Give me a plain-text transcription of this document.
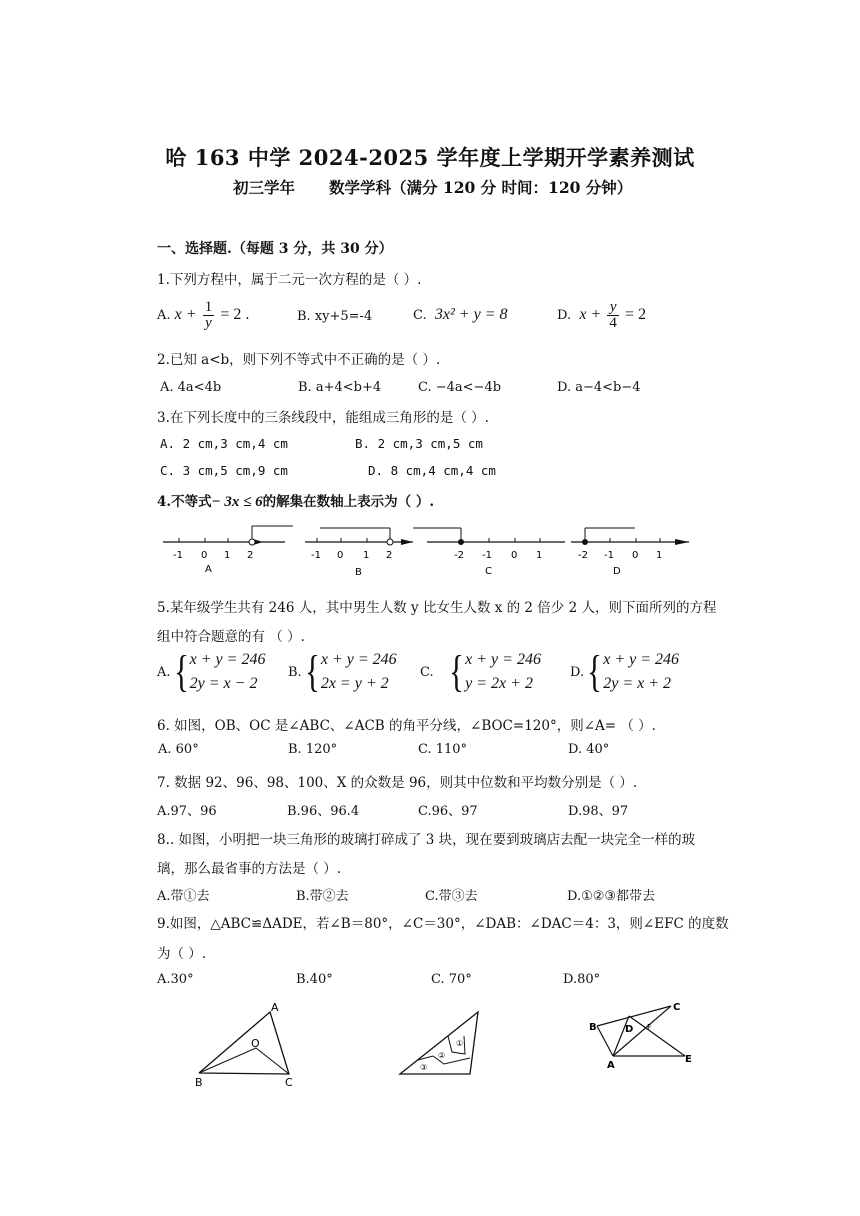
哈 163 中学 2024-2025 学年度上学期开学素养测试
初三学年 数学学科（满分 120 分 时间：120 分钟）
一、选择题.（每题 3 分，共 30 分）
1.下列方程中，属于二元一次方程的是（ ）.
A. $x + \frac{1}{y} = 2$ .	B. xy+5=-4	C. 3x² + y = 8	D. $x + \frac{y}{4} = 2$
2.已知 a<b，则下列不等式中不正确的是（ ）.
A. 4a<4b	B. a+4<b+4	C. −4a<−4b	D. a−4<b−4
3.在下列长度中的三条线段中，能组成三角形的是（ ）.
A. 2 cm,3 cm,4 cm	B. 2 cm,3 cm,5 cm
C. 3 cm,5 cm,9 cm	D. 8 cm,4 cm,4 cm
4.不等式− 3x ≤ 6的解集在数轴上表示为（ ）.
-1 0 1 2
A
-1 0 1 2
B
-2 -1 0 1
C
-2 -1 0 1
D
5.某年级学生共有 246 人，其中男生人数 y 比女生人数 x 的 2 倍少 2 人，则下面所列的方程
组中符合题意的有 （ ）.
A. { x + y = 246
2y = x − 2
B. { x + y = 246
2x = y + 2
C.
{ x + y = 246
y = 2x + 2
D. { x + y = 246
2y = x + 2
6. 如图，OB、OC 是∠ABC、∠ACB 的角平分线，∠BOC=120°，则∠A= （ ）.
A. 60°	B. 120°	C. 110°	D. 40°
7. 数据 92、96、98、100、X 的众数是 96，则其中位数和平均数分别是（ ）.
A.97、96	B.96、96.4	C.96、97	D.98、97
8.. 如图，小明把一块三角形的玻璃打碎成了 3 块，现在要到玻璃店去配一块完全一样的玻
璃，那么最省事的方法是（ ）.
A.带①去	B.带②去	C.带③去	D.①②③都带去
9.如图，△ABC≌ΔADE，若∠B＝80°，∠C＝30°，∠DAB：∠DAC＝4：3，则∠EFC 的度数
为（ ）.
A.30°	B.40°	C. 70°	D.80°
A
B	C
O	①
②
③
B
C
D F
A
E
